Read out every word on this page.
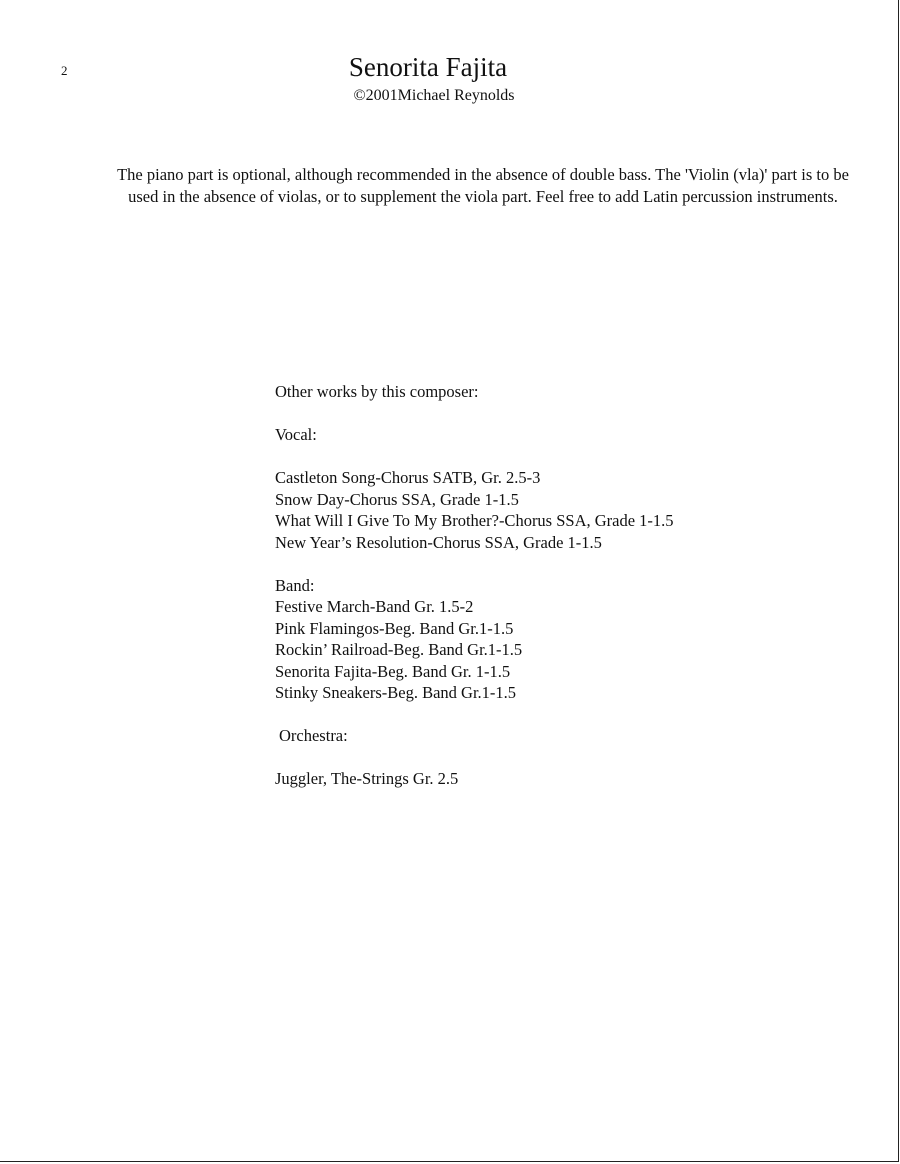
2	Senorita Fajita
©2001Michael Reynolds

The piano part is optional, although recommended in the absence of double bass. The 'Violin (vla)' part is to be used in the absence of violas, or to supplement the viola part. Feel free to add Latin percussion instruments.

Other works by this composer:
Vocal:
Castleton Song-Chorus SATB, Gr. 2.5-3
Snow Day-Chorus SSA, Grade 1-1.5
What Will I Give To My Brother?-Chorus SSA, Grade 1-1.5
New Year’s Resolution-Chorus SSA, Grade 1-1.5
Band:
Festive March-Band Gr. 1.5-2
Pink Flamingos-Beg. Band Gr.1-1.5
Rockin’ Railroad-Beg. Band Gr.1-1.5
Senorita Fajita-Beg. Band Gr. 1-1.5
Stinky Sneakers-Beg. Band Gr.1-1.5
Orchestra:
Juggler, The-Strings Gr. 2.5
